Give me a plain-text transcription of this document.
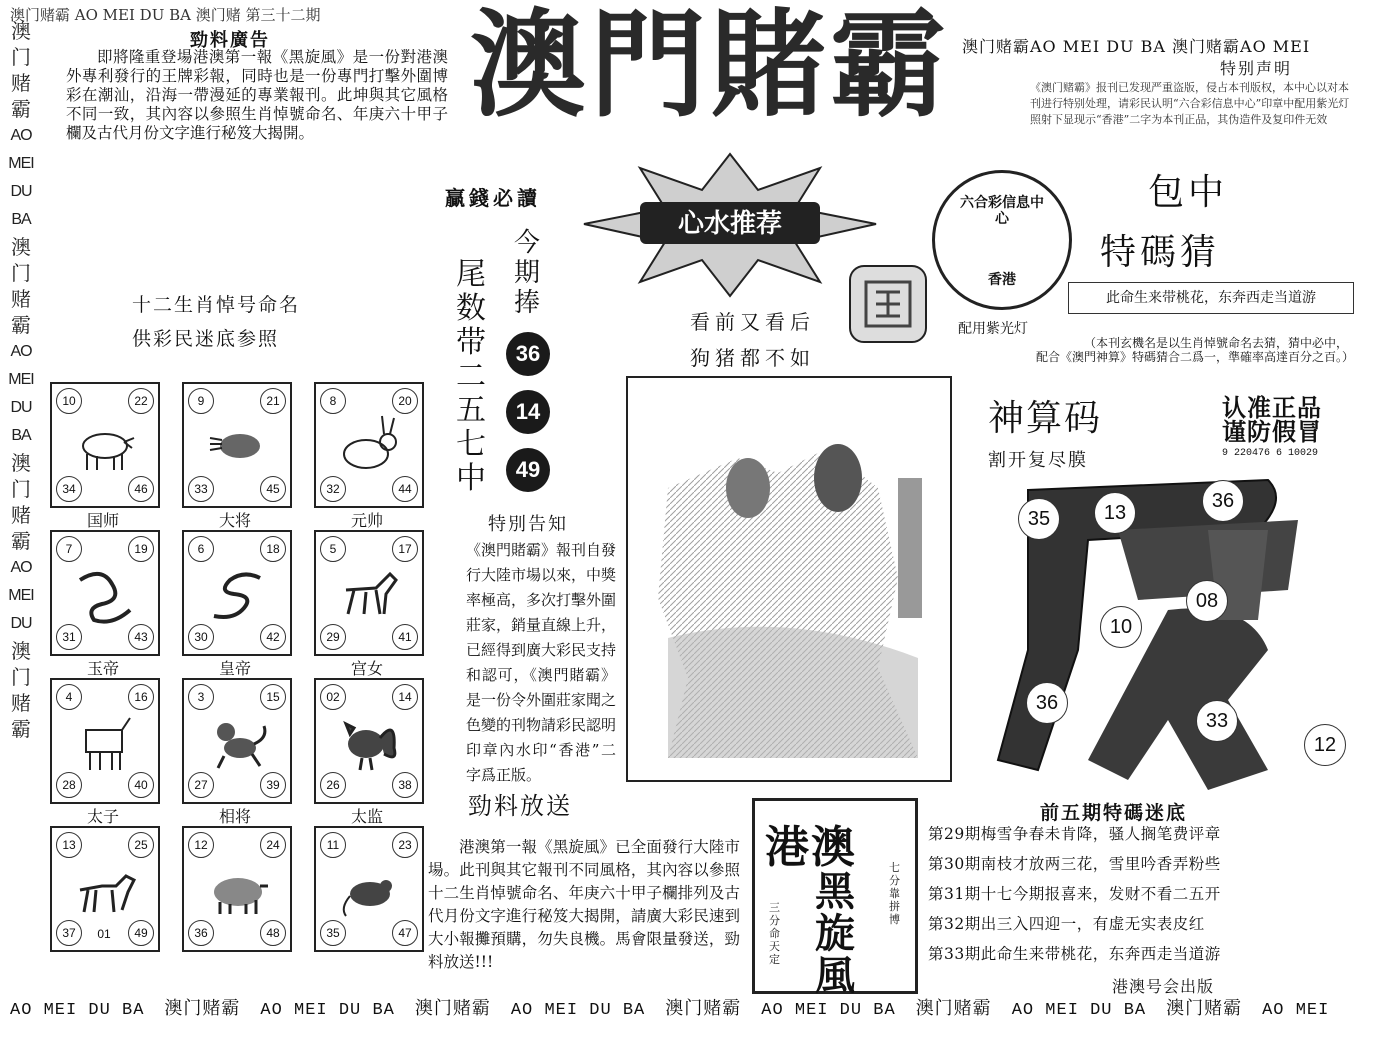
澳门赌霸 AO MEI DU BA 澳门赌 第三十二期
澳
门
赌
霸
AO
MEI
DU
BA
澳
门
赌
霸
AO
MEI
DU
BA
澳
门
赌
霸
AO
MEI
DU
澳
门
赌
霸
勁料廣告
即將隆重登場港澳第一報《黑旋風》是一份對港澳外專利發行的王牌彩報，同時也是一份專門打擊外圍博彩在潮汕，沿海一帶漫延的專業報刊。此坤與其它風格不同一致，其內容以參照生肖悼號命名、年庚六十甲子欄及古代月份文字進行秘笈大揭開。	澳門賭霸
十二生肖悼号命名
供彩民迷底参照
10	22
34	46
9	21
33	45
8	20
32	44
7	19
31	43
国师
6	18
30	42
大将
5	17
29	41
元帅
4	16
28	40
玉帝
3	15
27	39
皇帝
02	14
26	38
宫女
13	25
37	49
01
太子
12	24
36	48
相将
11	23
35	47
太监
心水推荐
贏錢必讀
尾数带二五七中
今期捧
36
14
49
看前又看后
狗猪都不如
特別告知
《澳門賭霸》報刊自發行大陸市場以來，中獎率極高，多次打擊外圍莊家，銷量直線上升，已經得到廣大彩民支持和認可，《澳門賭霸》是一份令外圍莊家聞之色變的刊物請彩民認明印章內水印“香港”二字爲正版。
勁料放送
港澳第一報《黑旋風》已全面發行大陸市場。此刊與其它報刊不同風格，其內容以參照十二生肖悼號命名、年庚六十甲子欄排列及古代月份文字進行秘笈大揭開，請廣大彩民速到大小報攤預購，勿失良機。馬會限量發送，勁料放送!!!
港澳
黑旋風
三分命天定
七分靠拼博
澳门赌霸AO MEI DU BA 澳门赌霸AO MEI
特别声明
《澳门赌霸》报刊已发现严重盗版，侵占本刊版权，本中心以对本刊进行特别处理，请彩民认明“六合彩信息中心”印章中配用紫光灯照射下显现示“香港”二字为本刊正品，其伪造件及复印件无效
六合彩信息中心
香港
包中
特碼猜
此命生来带桃花，东奔西走当道游
配用紫光灯
（本刊玄機名是以生肖悼號命名去猜，猜中必中，配合《澳門神算》特碼猜合二爲一，準確率高達百分之百。）
神算码	认准正品
谨防假冒
9 220476 6 10029
割开复尽膜
35	13
36
08
10
36
33
12
前五期特碼迷底
第29期梅雪争春未肯降，骚人搁笔费评章
第30期南枝才放两三花，雪里吟香弄粉些
第31期十七今期报喜来，发财不看二五开
第32期出三入四迎一，有虚无实表皮红
第33期此命生来带桃花，东奔西走当道游
港澳号会出版
AO MEI DU BA 澳门赌霸 AO MEI DU BA 澳门赌霸 AO MEI DU BA 澳门赌霸 AO MEI DU BA 澳门赌霸 AO MEI DU BA 澳门赌霸 AO MEI
